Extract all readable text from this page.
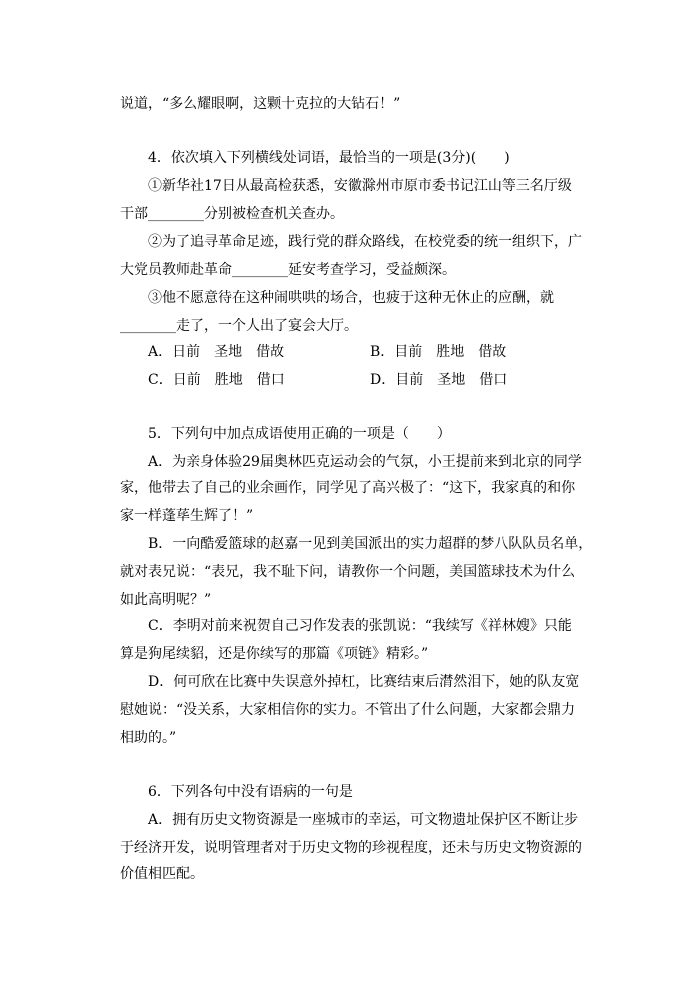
说道，“多么耀眼啊，这颗十克拉的大钻石！”
4．依次填入下列横线处词语，最恰当的一项是(3分)(　　)
①新华社17日从最高检获悉，安徽滁州市原市委书记江山等三名厅级
干部________分别被检查机关查办。
②为了追寻革命足迹，践行党的群众路线，在校党委的统一组织下，广
大党员教师赴革命________延安考查学习，受益颇深。
③他不愿意待在这种闹哄哄的场合，也疲于这种无休止的应酬，就
________走了，一个人出了宴会大厅。
A．日前　圣地　借故	B．目前　胜地　借故
C．日前　胜地　借口	D．目前　圣地　借口
5．下列句中加点成语使用正确的一项是（　　）
A．为亲身体验29届奥林匹克运动会的气氛，小王提前来到北京的同学
家，他带去了自己的业余画作，同学见了高兴极了：“这下，我家真的和你
家一样蓬荜生辉了！”
B．一向酷爱篮球的赵嘉一见到美国派出的实力超群的梦八队队员名单，
就对表兄说：“表兄，我不耻下问，请教你一个问题，美国篮球技术为什么
如此高明呢？”
C．李明对前来祝贺自己习作发表的张凯说：“我续写《祥林嫂》只能
算是狗尾续貂，还是你续写的那篇《项链》精彩。”
D．何可欣在比赛中失误意外掉杠，比赛结束后潸然泪下，她的队友宽
慰她说：“没关系，大家相信你的实力。不管出了什么问题，大家都会鼎力
相助的。”
6．下列各句中没有语病的一句是
A．拥有历史文物资源是一座城市的幸运，可文物遗址保护区不断让步
于经济开发，说明管理者对于历史文物的珍视程度，还未与历史文物资源的
价值相匹配。
